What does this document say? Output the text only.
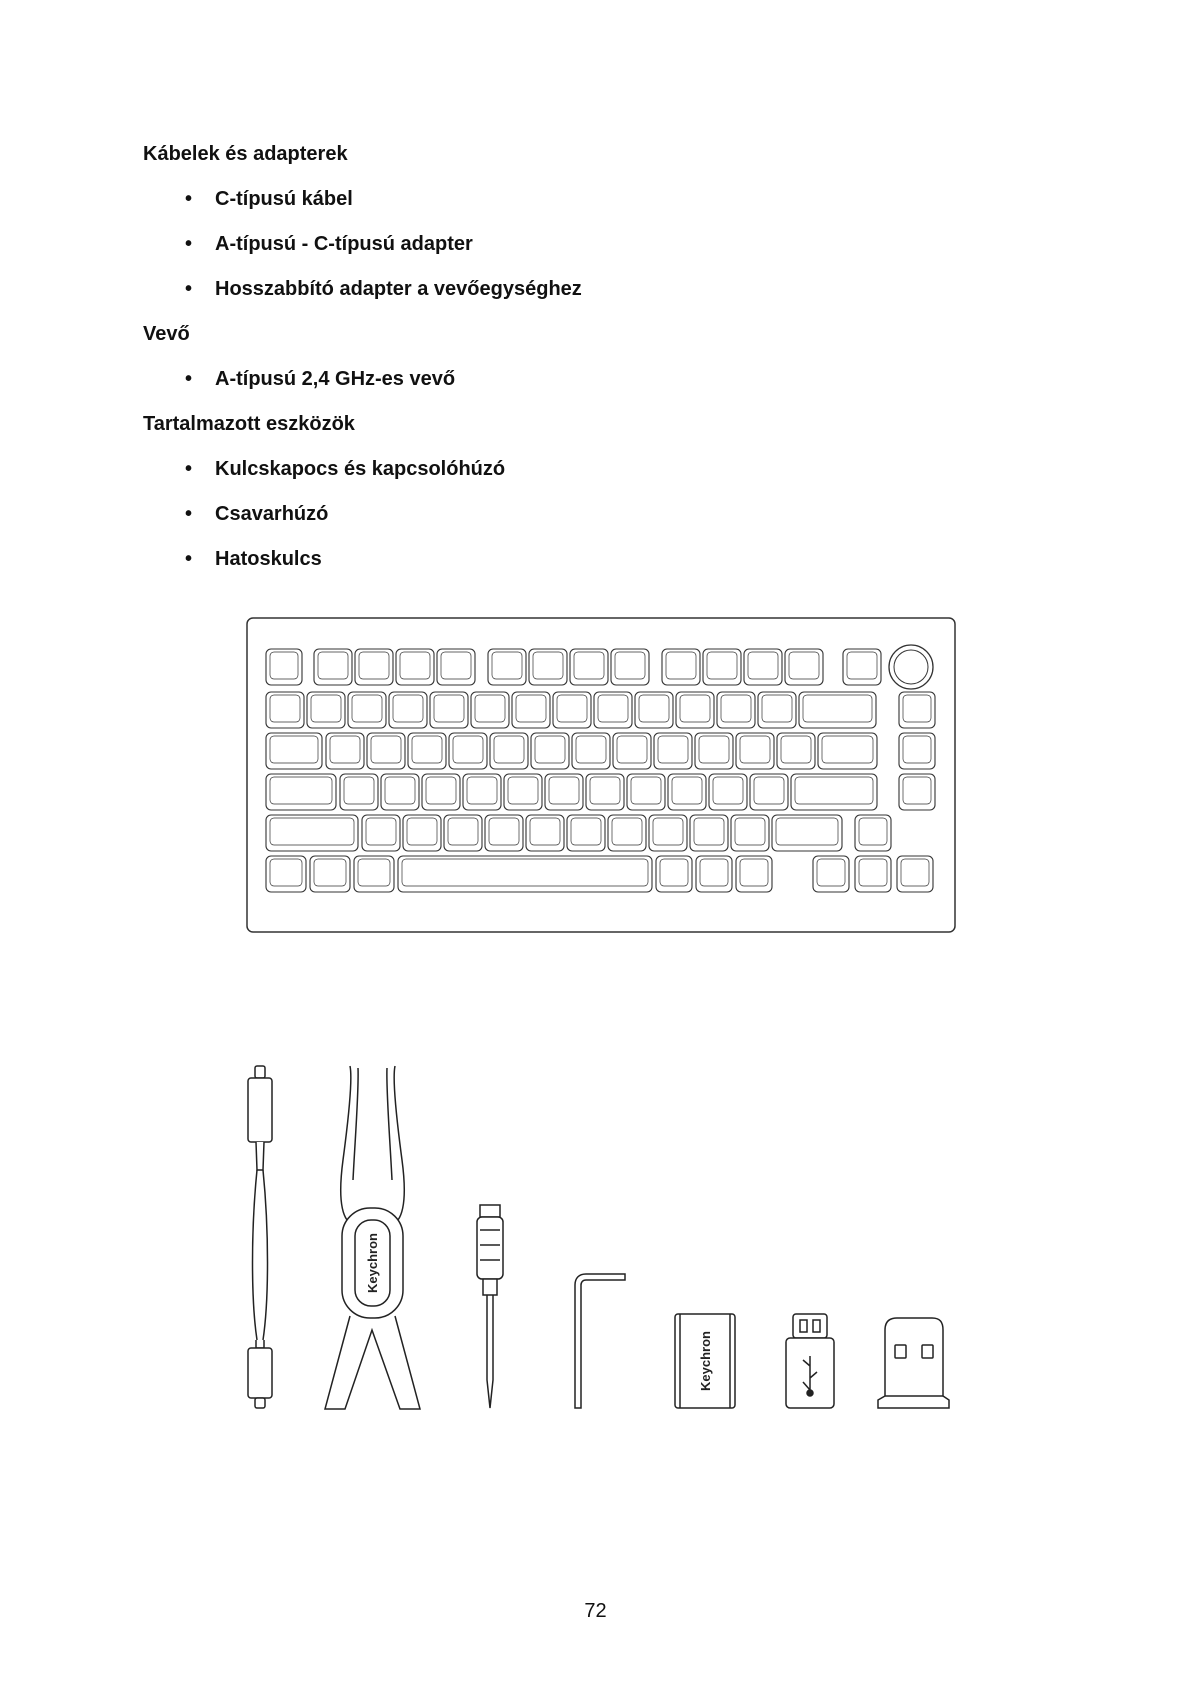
Kábelek és adapterek
• C-típusú kábel
• A-típusú - C-típusú adapter
• Hosszabbító adapter a vevőegységhez
Vevő
• A-típusú 2,4 GHz-es vevő
Tartalmazott eszközök
• Kulcskapocs és kapcsolóhúzó
• Csavarhúzó
• Hatoskulcs
Keychron
Keychron
72
